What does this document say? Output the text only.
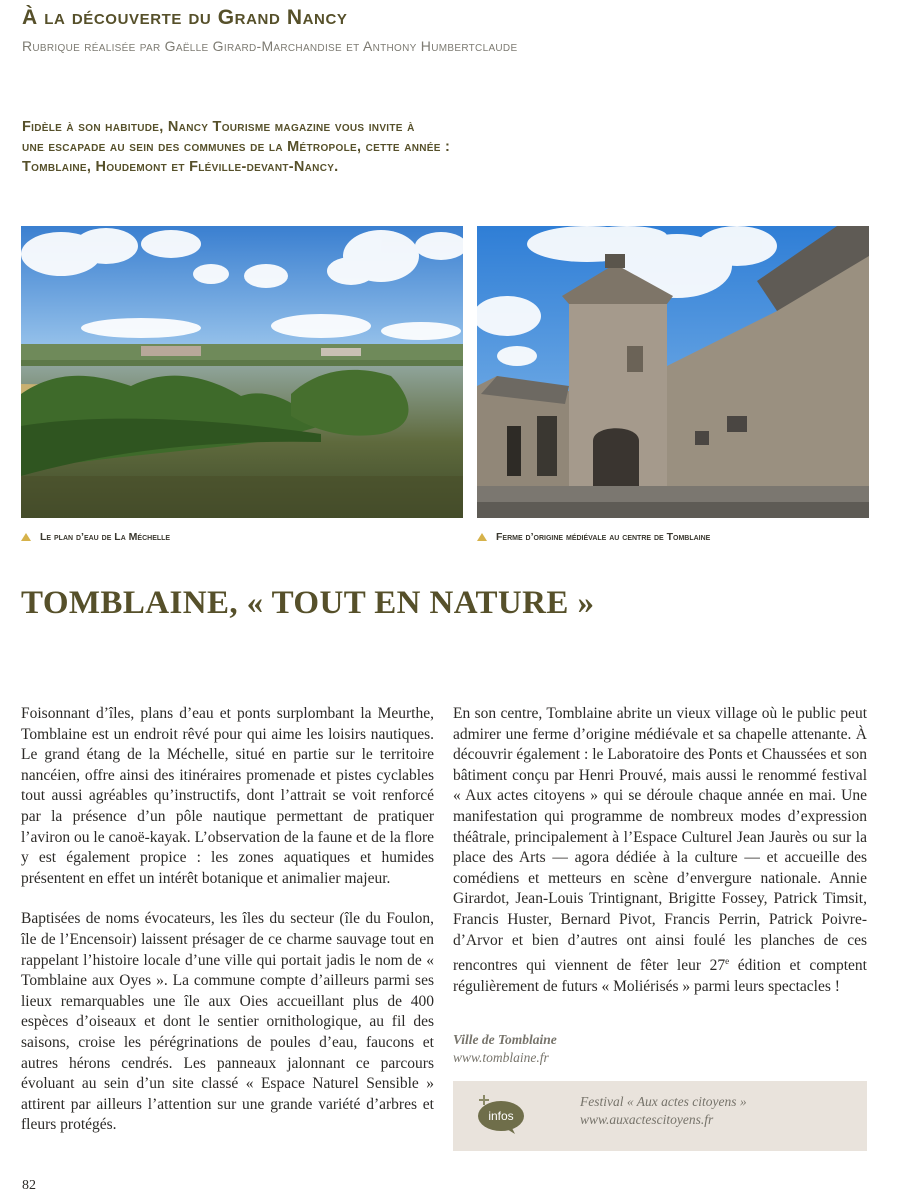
À la découverte du Grand Nancy
Rubrique réalisée par Gaëlle Girard-Marchandise et Anthony Humbertclaude
Fidèle à son habitude, Nancy Tourisme magazine vous invite à
une escapade au sein des communes de la Métropole, cette année :
Tomblaine, Houdemont et Fléville-devant-Nancy.
Le plan d’eau de La Méchelle	Ferme d’origine médiévale au centre de Tomblaine
TOMBLAINE, « TOUT EN NATURE »

Foisonnant d’îles, plans d’eau et ponts surplombant la Meurthe, Tomblaine est un endroit rêvé pour qui aime les loisirs nautiques. Le grand étang de la Méchelle, situé en partie sur le territoire nancéien, offre ainsi des itinéraires promenade et pistes cyclables tout aussi agréables qu’instructifs, dont l’attrait se voit renforcé par la présence d’un pôle nautique permettant de pratiquer l’aviron ou le canoë-kayak. L’observation de la faune et de la flore y est également propice : les zones aquatiques et humides présentent en effet un intérêt botanique et animalier majeur.

Baptisées de noms évocateurs, les îles du secteur (île du Foulon, île de l’Encensoir) laissent présager de ce charme sauvage tout en rappelant l’histoire locale d’une ville qui portait jadis le nom de « Tomblaine aux Oyes ». La commune compte d’ailleurs parmi ses lieux remarquables une île aux Oies accueillant plus de 400 espèces d’oiseaux et dont le sentier ornithologique, au fil des saisons, croise les pérégrinations de poules d’eau, faucons et autres hérons cendrés. Les panneaux jalonnant ce parcours évoluant au sein d’un site classé « Espace Naturel Sensible » attirent par ailleurs l’attention sur une grande variété d’arbres et fleurs protégés.

En son centre, Tomblaine abrite un vieux village où le public peut admirer une ferme d’origine médiévale et sa chapelle attenante. À découvrir également : le Laboratoire des Ponts et Chaussées et son bâtiment conçu par Henri Prouvé, mais aussi le renommé festival « Aux actes citoyens » qui se déroule chaque année en mai. Une manifestation qui programme de nombreux modes d’expression théâtrale, principalement à l’Espace Culturel Jean Jaurès ou sur la place des Arts — agora dédiée à la culture — et accueille des comédiens et metteurs en scène d’envergure nationale. Annie Girardot, Jean-Louis Trintignant, Brigitte Fossey, Patrick Timsit, Francis Huster, Bernard Pivot, Francis Perrin, Patrick Poivre-d’Arvor et bien d’autres ont ainsi foulé les planches de ces rencontres qui viennent de fêter leur 27e édition et comptent régulièrement de futurs « Moliérisés » parmi leurs spectacles !

Ville de Tomblaine
www.tomblaine.fr
infos
Festival « Aux actes citoyens »
www.auxactescitoyens.fr
82
